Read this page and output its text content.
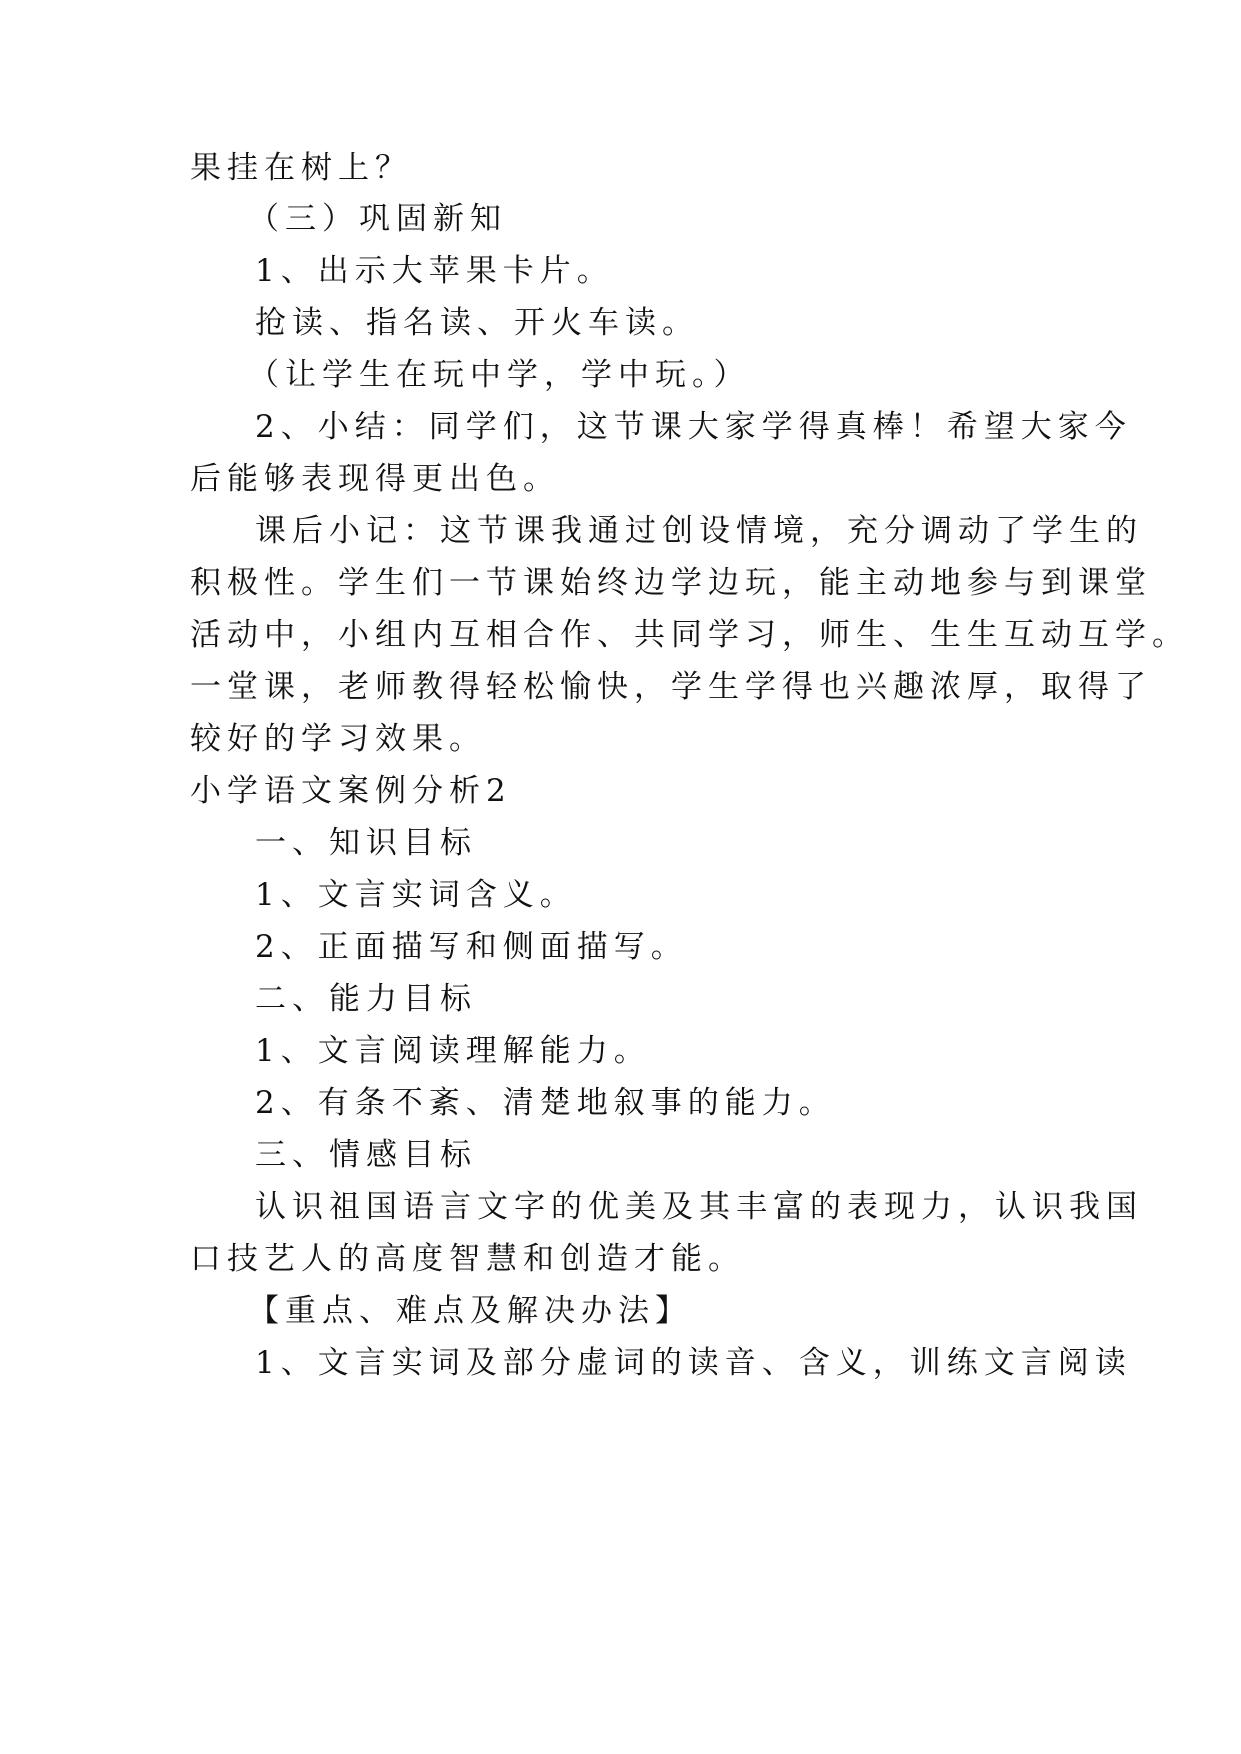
果挂在树上？
（三）巩固新知
1、出示大苹果卡片。
抢读、指名读、开火车读。
（让学生在玩中学，学中玩。）
2、小结：同学们，这节课大家学得真棒！希望大家今
后能够表现得更出色。
课后小记：这节课我通过创设情境，充分调动了学生的
积极性。学生们一节课始终边学边玩，能主动地参与到课堂
活动中，小组内互相合作、共同学习，师生、生生互动互学。
一堂课，老师教得轻松愉快，学生学得也兴趣浓厚，取得了
较好的学习效果。
小学语文案例分析2
一、知识目标
1、文言实词含义。
2、正面描写和侧面描写。
二、能力目标
1、文言阅读理解能力。
2、有条不紊、清楚地叙事的能力。
三、情感目标
认识祖国语言文字的优美及其丰富的表现力，认识我国
口技艺人的高度智慧和创造才能。
【重点、难点及解决办法】
1、文言实词及部分虚词的读音、含义，训练文言阅读
